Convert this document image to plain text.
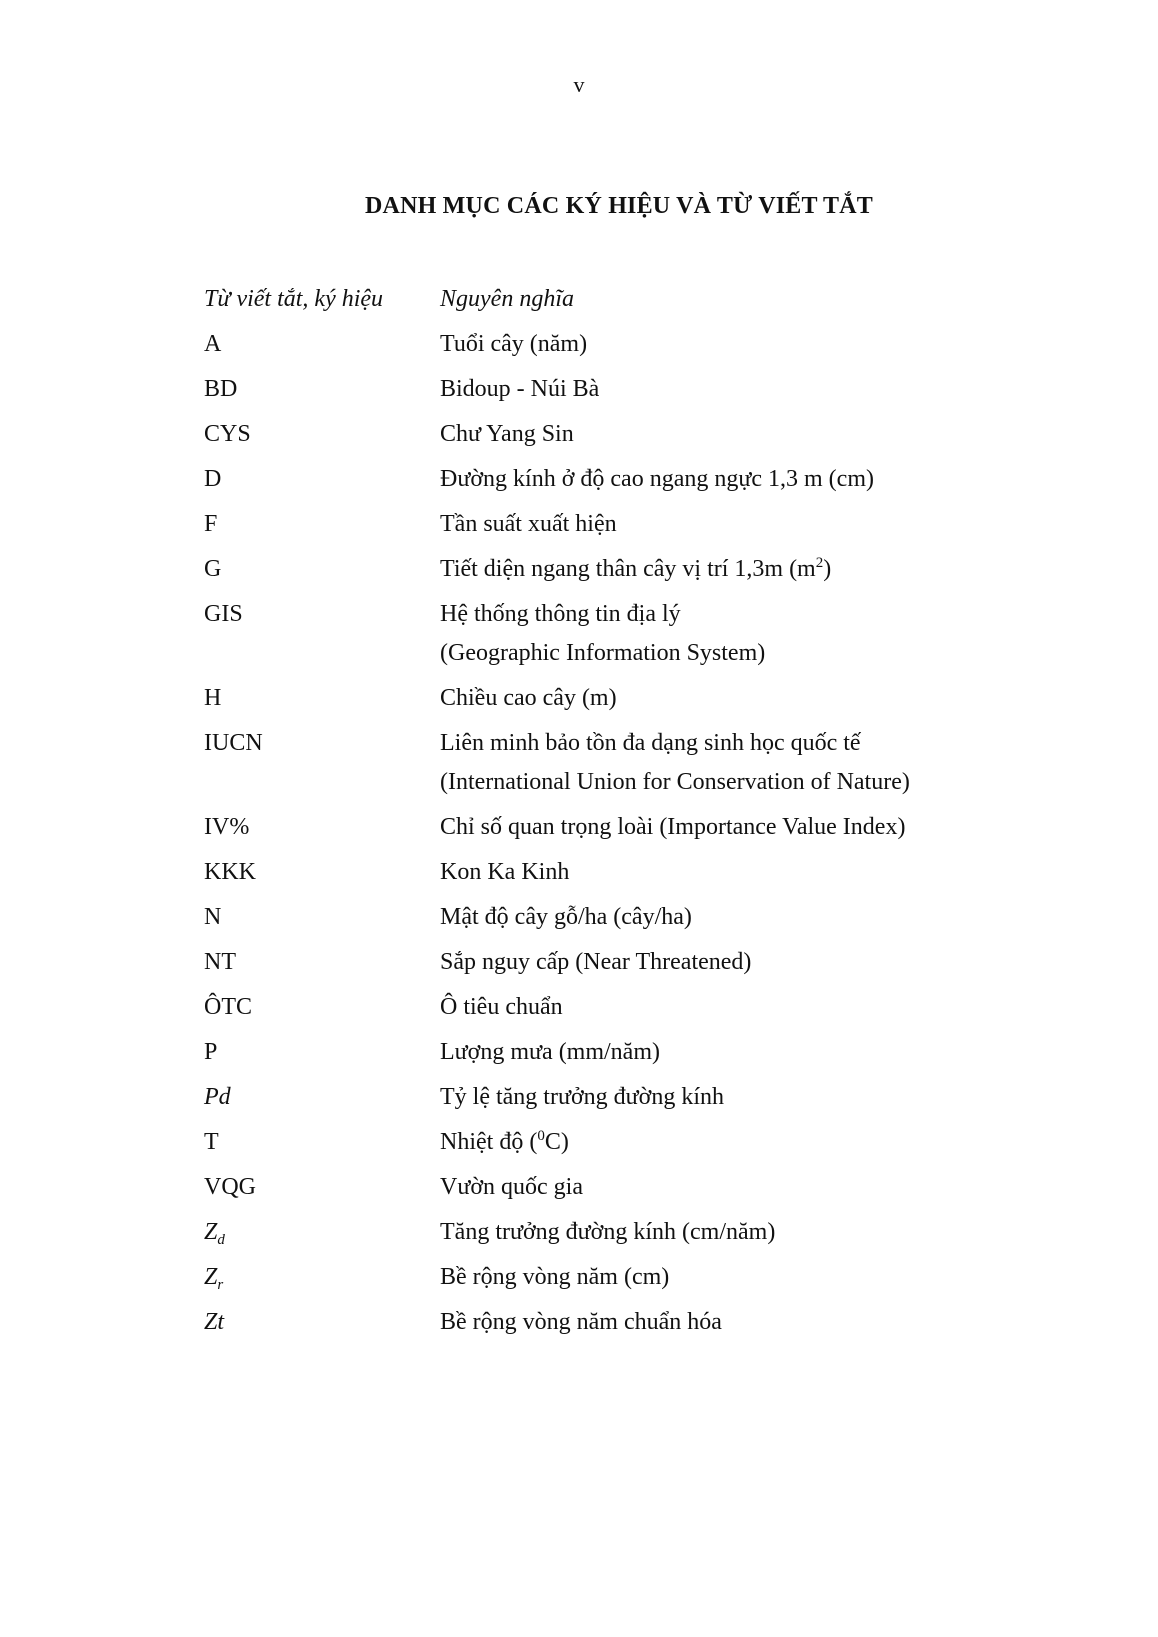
v
DANH MỤC CÁC KÝ HIỆU VÀ TỪ VIẾT TẮT
Từ viết tắt, ký hiệu	Nguyên nghĩa
A	Tuổi cây (năm)
BD	Bidoup - Núi Bà
CYS	Chư Yang Sin
D	Đường kính ở độ cao ngang ngực 1,3 m (cm)
F	Tần suất xuất hiện
G	Tiết diện ngang thân cây vị trí 1,3m $(m^2)$
GIS	Hệ thống thông tin địa lý
(Geographic Information System)
H	Chiều cao cây (m)
IUCN	Liên minh bảo tồn đa dạng sinh học quốc tế
(International Union for Conservation of Nature)
IV%	Chỉ số quan trọng loài (Importance Value Index)
KKK	Kon Ka Kinh
N	Mật độ cây gỗ/ha (cây/ha)
NT	Sắp nguy cấp (Near Threatened)
ÔTC	Ô tiêu chuẩn
P	Lượng mưa (mm/năm)
Pd	Tỷ lệ tăng trưởng đường kính
T	Nhiệt độ ($^0$C)
VQG	Vườn quốc gia
$Z_d$	Tăng trưởng đường kính (cm/năm)
$Z_r$	Bề rộng vòng năm (cm)
Zt	Bề rộng vòng năm chuẩn hóa
